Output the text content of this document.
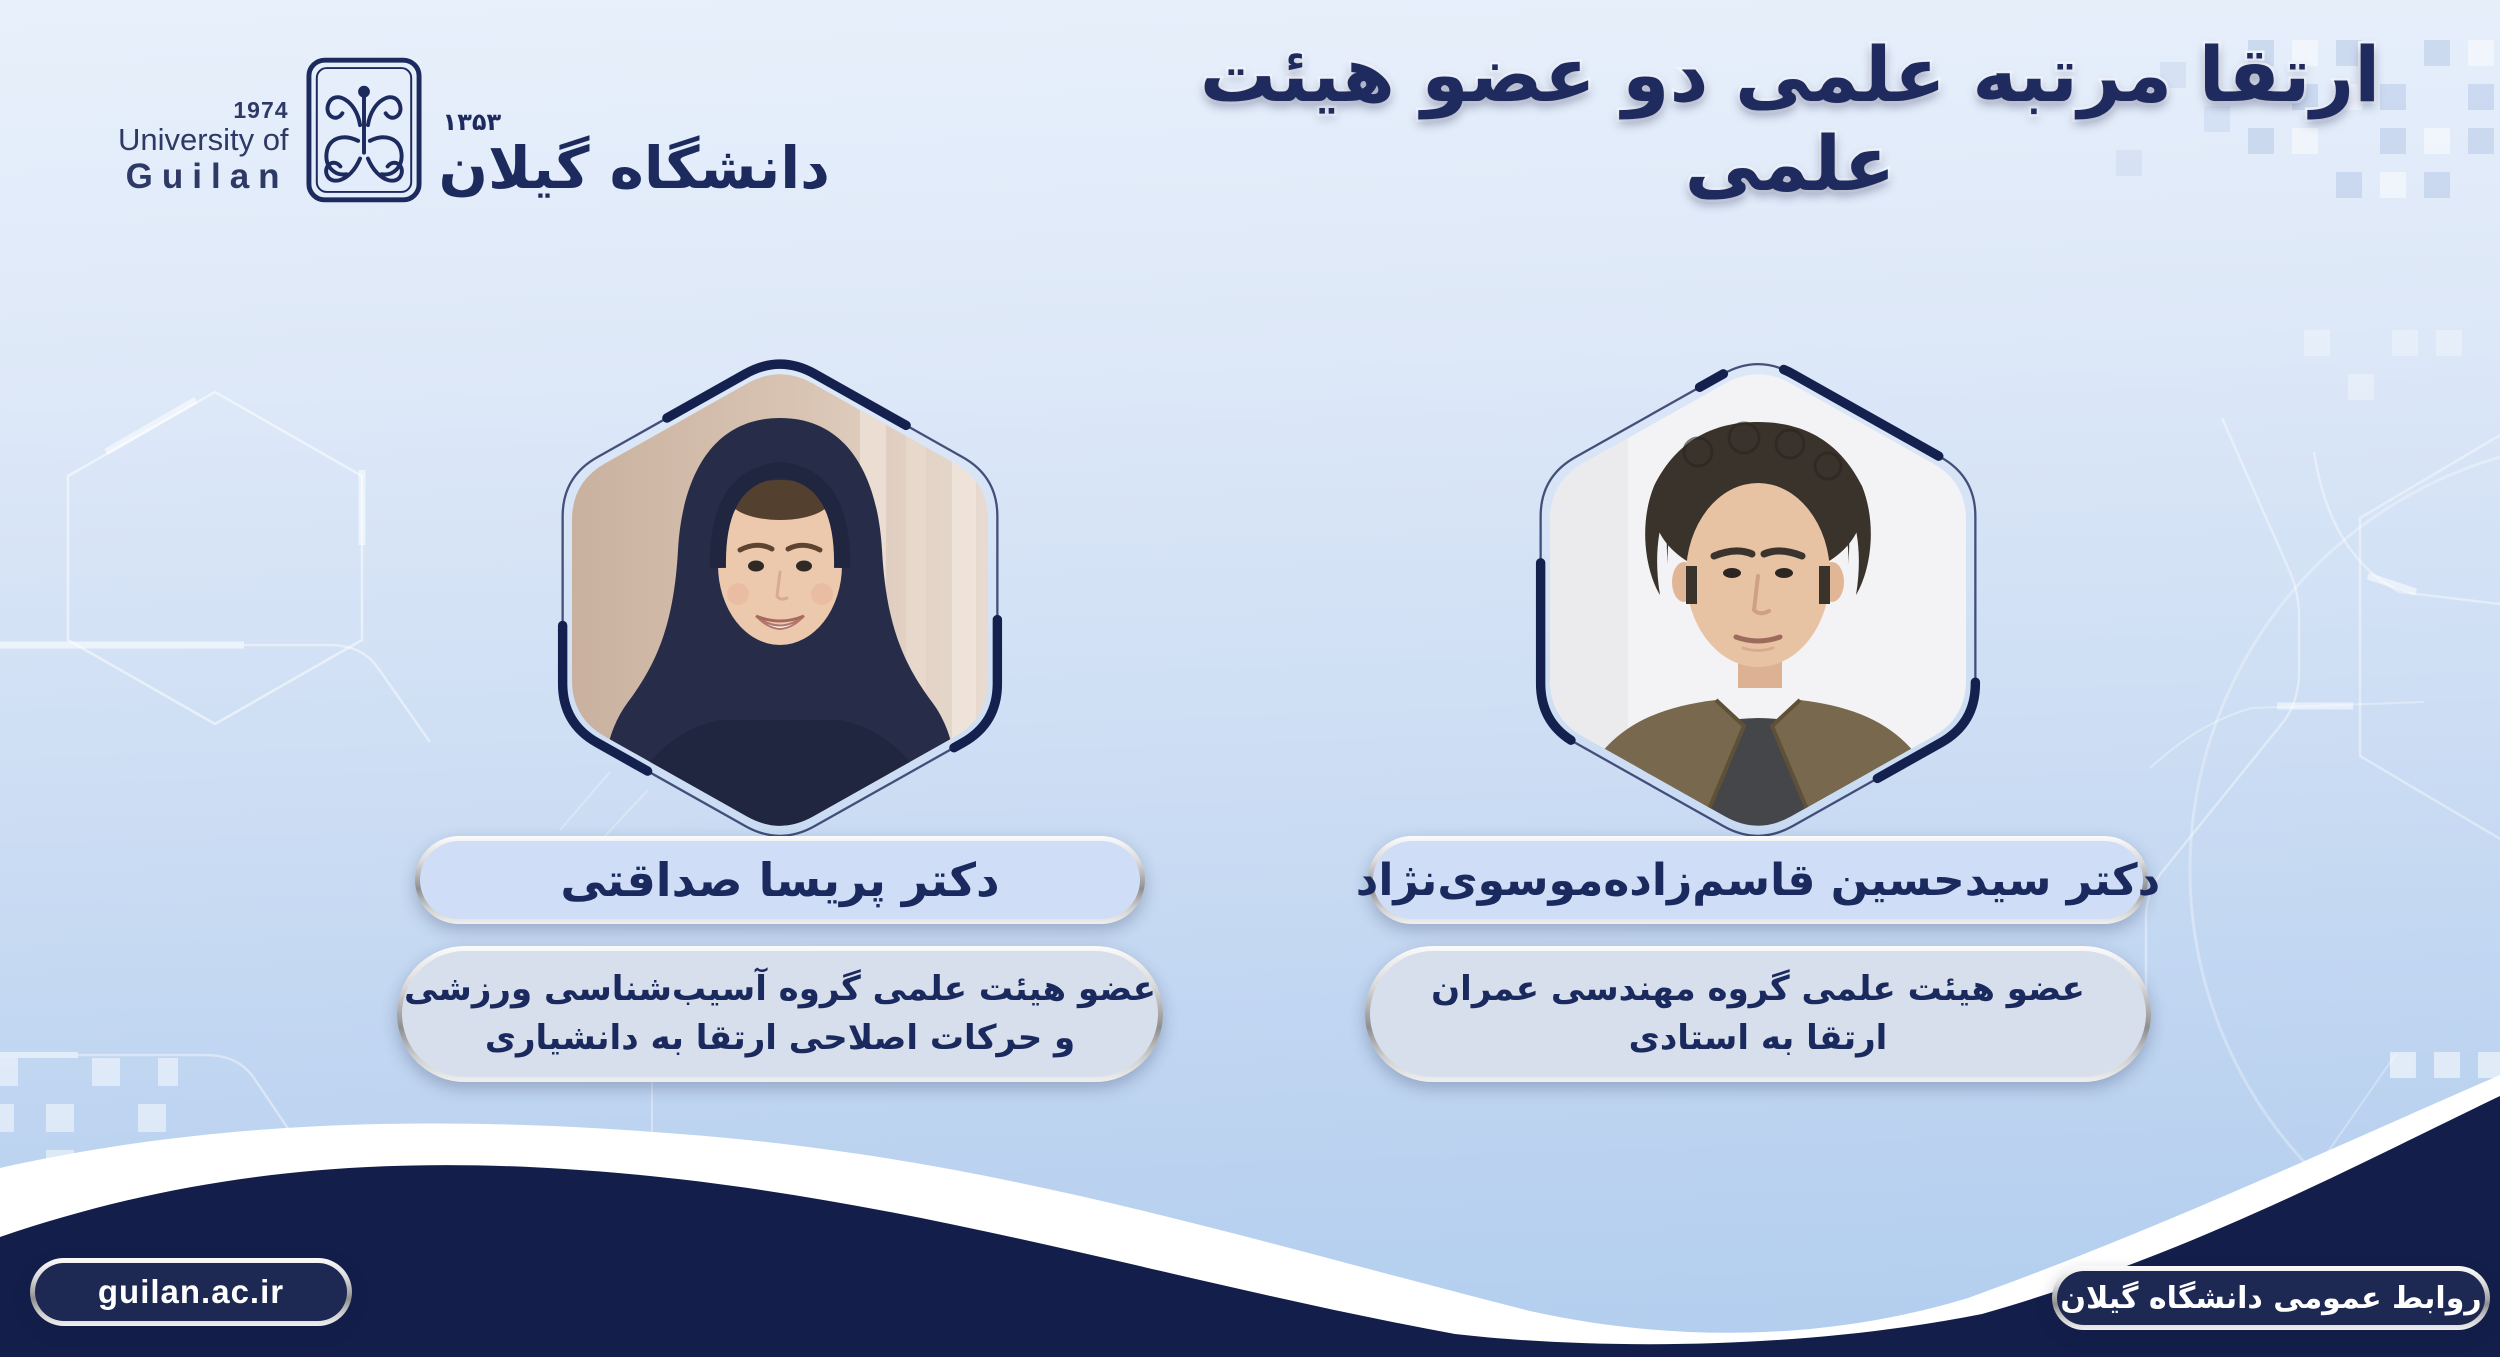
1974
University of
Guilan
۱۳۵۳
دانشگاه گیلان
ارتقا مرتبه علمی دو عضو هیئت علمی
دکتر پریسا صداقتی
عضو هیئت علمی گروه آسیب‌شناسی ورزشی
و حرکات اصلاحی ارتقا به دانشیاری
دکتر سیدحسین قاسم‌زاده‌موسوی‌نژاد
عضو هیئت علمی گروه مهندسی عمران
ارتقا به استادی
guilan.ac.ir	روابط عمومی دانشگاه گیلان
